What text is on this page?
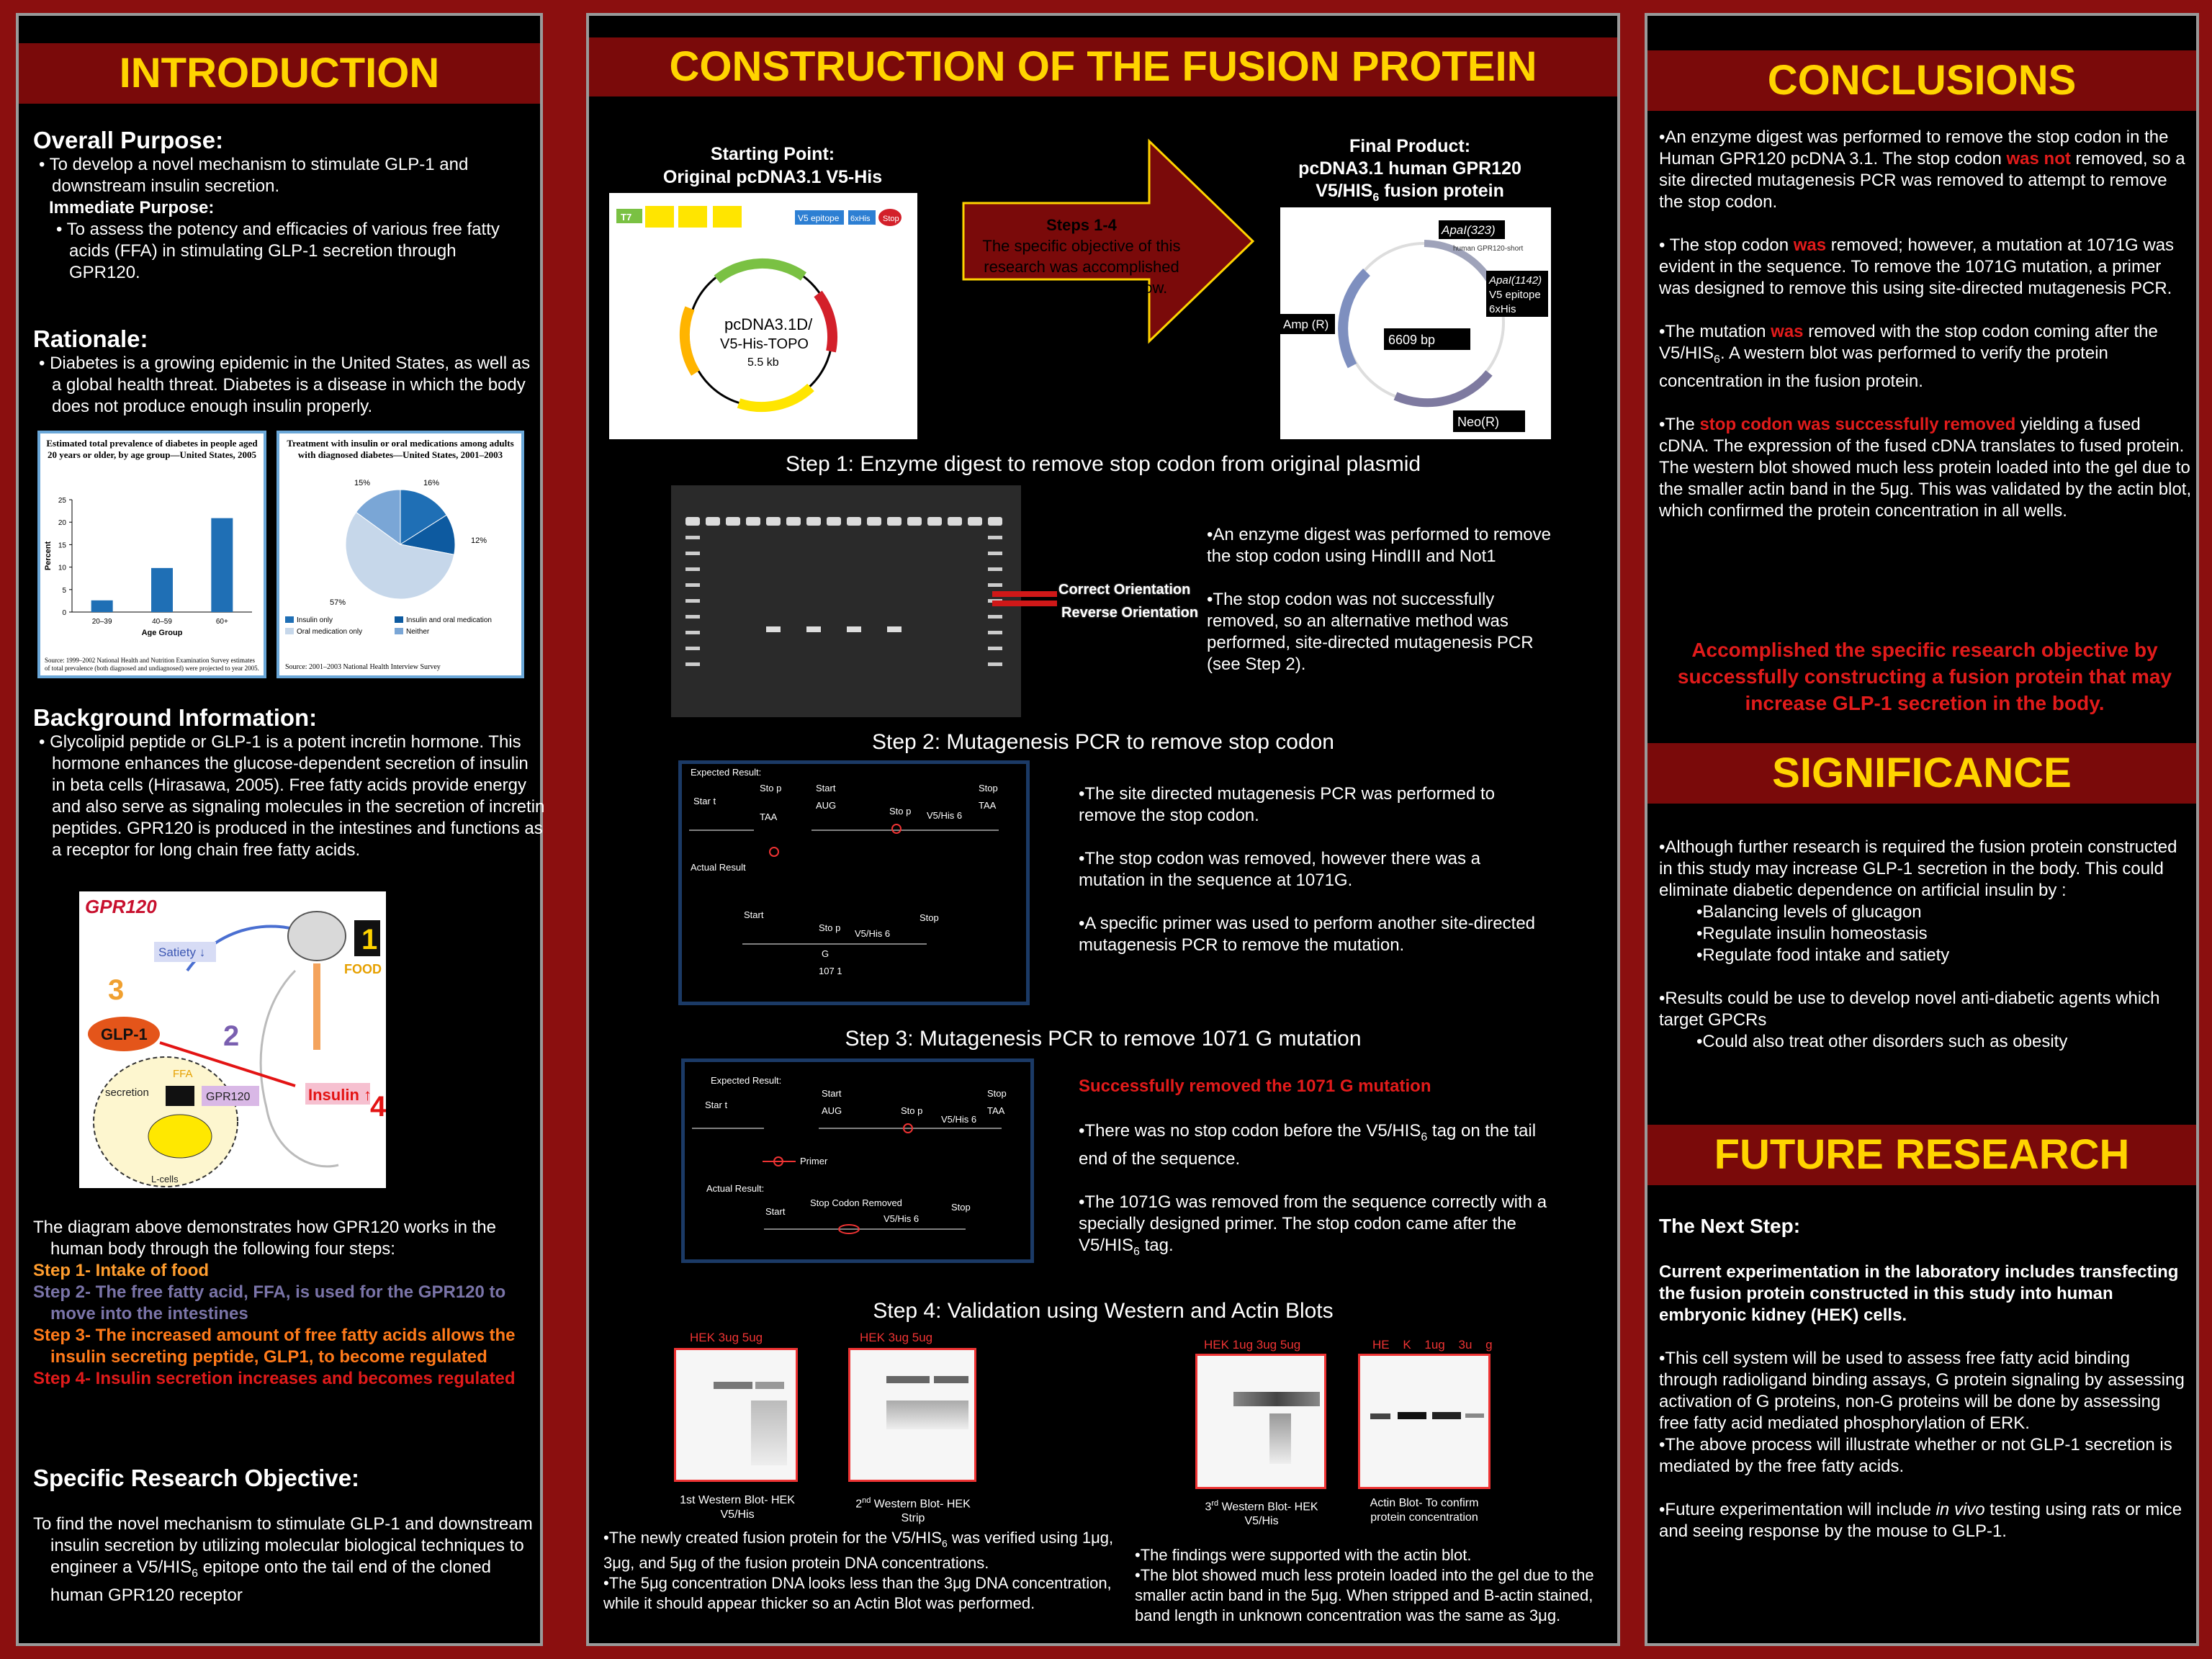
INTRODUCTION
Overall Purpose:
• To develop a novel mechanism to stimulate GLP-1 and downstream insulin secretion.
Immediate Purpose:
• To assess the potency and efficacies of various free fatty acids (FFA) in stimulating GLP-1 secretion through GPR120.
Rationale:
• Diabetes is a growing epidemic in the United States, as well as a global health threat. Diabetes is a disease in which the body does not produce enough insulin properly.
Estimated total prevalence of diabetes in people aged 20 years or older, by age group—United States, 2005
0
5
10
15
20
25
Percent
20–39	40–59	60+
Age Group
Source: 1999–2002 National Health and Nutrition Examination Survey estimates of total prevalence (both diagnosed and undiagnosed) were projected to year 2005.
Treatment with insulin or oral medications among adults with diagnosed diabetes—United States, 2001–2003
16%
12%
57%
15%
Insulin only	Insulin and oral medication
Oral medication only	Neither
Source: 2001–2003 National Health Interview Survey
Background Information:
• Glycolipid peptide or GLP-1 is a potent incretin hormone. This hormone enhances the glucose-dependent secretion of insulin in beta cells (Hirasawa, 2005). Free fatty acids provide energy and also serve as signaling molecules in the secretion of incretin peptides. GPR120 is produced in the intestines and functions as a receptor for long chain free fatty acids.
GPR120
Satiety ↓	1
FOOD
3
2
GLP-1
FFA
GPR120
secretion
L-cells
Insulin ↑
4
The diagram above demonstrates how GPR120 works in the human body through the following four steps:
Step 1- Intake of food
Step 2- The free fatty acid, FFA, is used for the GPR120 to move into the intestines
Step 3- The increased amount of free fatty acids allows the insulin secreting peptide, GLP1, to become regulated
Step 4- Insulin secretion increases and becomes regulated
Specific Research Objective:
To find the novel mechanism to stimulate GLP-1 and downstream insulin secretion by utilizing molecular biological techniques to engineer a $V5/HIS_6$ epitope onto the tail end of the cloned human GPR120 receptor
CONSTRUCTION OF THE FUSION PROTEIN
Starting Point:
Original pcDNA3.1 V5-His
T7	V5 epitope 6xHis Stop
pcDNA3.1D/
V5-His-TOPO
5.5 kb
Steps 1-4
The specific objective of this research was accomplished through the steps below.
Final Product:
pcDNA3.1 human GPR120
$V5/HIS_6$ fusion protein
ApaI(323)
human GPR120-short
ApaI(1142)
V5 epitope
6xHis
Amp (R)
6609 bp
Neo(R)
Step 1: Enzyme digest to remove stop codon from original plasmid
Correct Orientation
Reverse Orientation
•An enzyme digest was performed to remove the stop codon using HindIII and Not1
•The stop codon was not successfully removed, so an alternative method was performed, site-directed mutagenesis PCR (see Step 2).
Step 2: Mutagenesis PCR to remove stop codon
Expected Result:
Star t
Sto p
TAA
Start
AUG
Sto p V5/His 6
Stop
TAA
Actual Result
Start
Sto p
G
107 1
V5/His 6
Stop
•The site directed mutagenesis PCR was performed to remove the stop codon.
•The stop codon was removed, however there was a mutation in the sequence at 1071G.
•A specific primer was used to perform another site-directed mutagenesis PCR to remove the mutation.
Step 3: Mutagenesis PCR to remove 1071 G mutation
Expected Result:
Star t
Start
AUG	Sto p
V5/His 6
Stop
TAA
Primer
Actual Result:
Start
Stop Codon Removed
V5/His 6
Stop
Successfully removed the 1071 G mutation
•There was no stop codon before the $V5/HIS_6$ tag on the tail end of the sequence.
•The 1071G was removed from the sequence correctly with a specially designed primer. The stop codon came after the $V5/HIS_6$ tag.
Step 4: Validation using Western and Actin Blots
HEK 3ug 5ug
1st Western Blot- HEK V5/His
HEK 3ug 5ug
2nd Western Blot- HEK Strip
HEK 1ug 3ug 5ug
3rd Western Blot- HEK V5/His
HE K 1ug 3u g
Actin Blot- To confirm protein concentration
•The newly created fusion protein for the $V5/HIS_6$ was verified using 1μg, 3μg, and 5μg of the fusion protein DNA concentrations.
•The 5μg concentration DNA looks less than the 3μg DNA concentration, while it should appear thicker so an Actin Blot was performed.
•The findings were supported with the actin blot.
•The blot showed much less protein loaded into the gel due to the smaller actin band in the 5μg. When stripped and B-actin stained, band length in unknown concentration was the same as 3μg.
CONCLUSIONS
•An enzyme digest was performed to remove the stop codon in the Human GPR120 pcDNA 3.1. The stop codon was not removed, so a site directed mutagenesis PCR was removed to attempt to remove the stop codon.
• The stop codon was removed; however, a mutation at 1071G was evident in the sequence. To remove the 1071G mutation, a primer was designed to remove this using site-directed mutagenesis PCR.
•The mutation was removed with the stop codon coming after the $V5/HIS_6$. A western blot was performed to verify the protein concentration in the fusion protein.
•The stop codon was successfully removed yielding a fused cDNA. The expression of the fused cDNA translates to fused protein. The western blot showed much less protein loaded into the gel due to the smaller actin band in the 5μg. This was validated by the actin blot, which confirmed the protein concentration in all wells.
Accomplished the specific research objective by successfully constructing a fusion protein that may increase GLP-1 secretion in the body.
SIGNIFICANCE
•Although further research is required the fusion protein constructed in this study may increase GLP-1 secretion in the body. This could eliminate diabetic dependence on artificial insulin by :
•Balancing levels of glucagon
•Regulate insulin homeostasis
•Regulate food intake and satiety
•Results could be use to develop novel anti-diabetic agents which target GPCRs
•Could also treat other disorders such as obesity
FUTURE RESEARCH
The Next Step:
Current experimentation in the laboratory includes transfecting the fusion protein constructed in this study into human embryonic kidney (HEK) cells.
•This cell system will be used to assess free fatty acid binding through radioligand binding assays, G protein signaling by assessing activation of G proteins, non-G proteins will be done by assessing free fatty acid mediated phosphorylation of ERK.
•The above process will illustrate whether or not GLP-1 secretion is mediated by the free fatty acids.
•Future experimentation will include in vivo testing using rats or mice and seeing response by the mouse to GLP-1.
